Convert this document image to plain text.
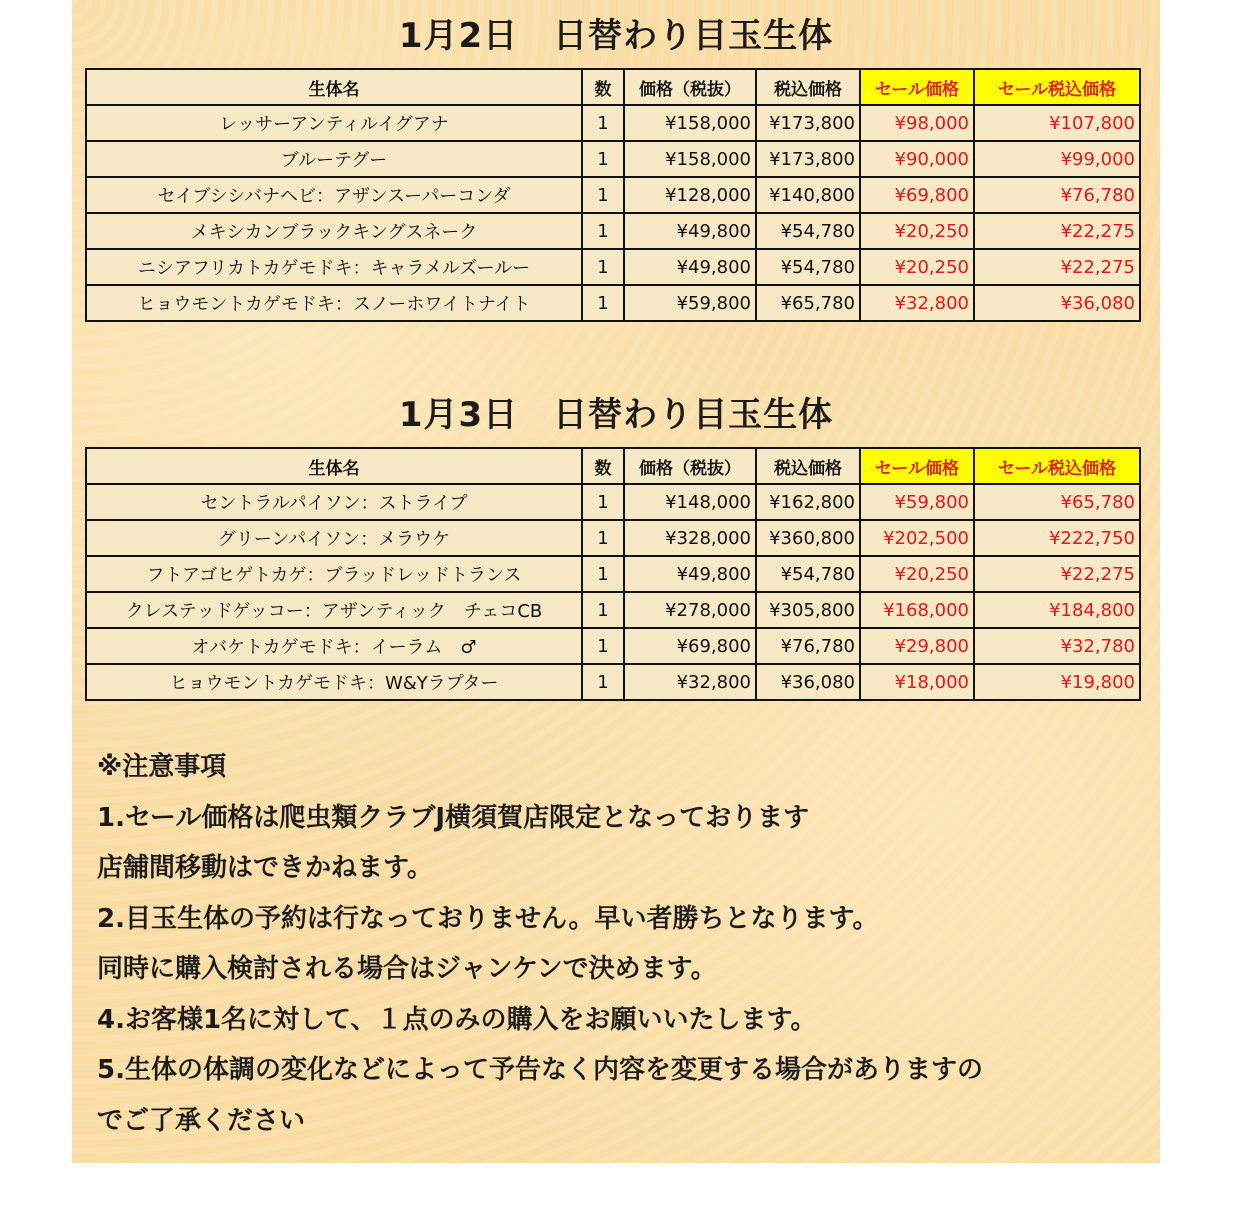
1月2日　日替わり目玉生体
生体名	数	価格（税抜）	税込価格	セール価格	セール税込価格
レッサーアンティルイグアナ	1	¥158,000	¥173,800	¥98,000	¥107,800
ブルーテグー	1	¥158,000	¥173,800	¥90,000	¥99,000
セイブシシバナヘビ：アザンスーパーコンダ	1	¥128,000	¥140,800	¥69,800	¥76,780
メキシカンブラックキングスネーク	1	¥49,800	¥54,780	¥20,250	¥22,275
ニシアフリカトカゲモドキ：キャラメルズールー	1	¥49,800	¥54,780	¥20,250	¥22,275
ヒョウモントカゲモドキ：スノーホワイトナイト	1	¥59,800	¥65,780	¥32,800	¥36,080
1月3日　日替わり目玉生体
生体名	数	価格（税抜）	税込価格	セール価格	セール税込価格
セントラルパイソン：ストライプ	1	¥148,000	¥162,800	¥59,800	¥65,780
グリーンパイソン：メラウケ	1	¥328,000	¥360,800	¥202,500	¥222,750
フトアゴヒゲトカゲ：ブラッドレッドトランス	1	¥49,800	¥54,780	¥20,250	¥22,275
クレステッドゲッコー：アザンティック　チェコCB	1	¥278,000	¥305,800	¥168,000	¥184,800
オバケトカゲモドキ：イーラム　♂	1	¥69,800	¥76,780	¥29,800	¥32,780
ヒョウモントカゲモドキ：W&Yラプター	1	¥32,800	¥36,080	¥18,000	¥19,800
※注意事項
1.セール価格は爬虫類クラブJ横須賀店限定となっております
店舗間移動はできかねます。
2.目玉生体の予約は行なっておりません。早い者勝ちとなります。
同時に購入検討される場合はジャンケンで決めます。
4.お客様1名に対して、１点のみの購入をお願いいたします。
5.生体の体調の変化などによって予告なく内容を変更する場合がありますの
でご了承ください
